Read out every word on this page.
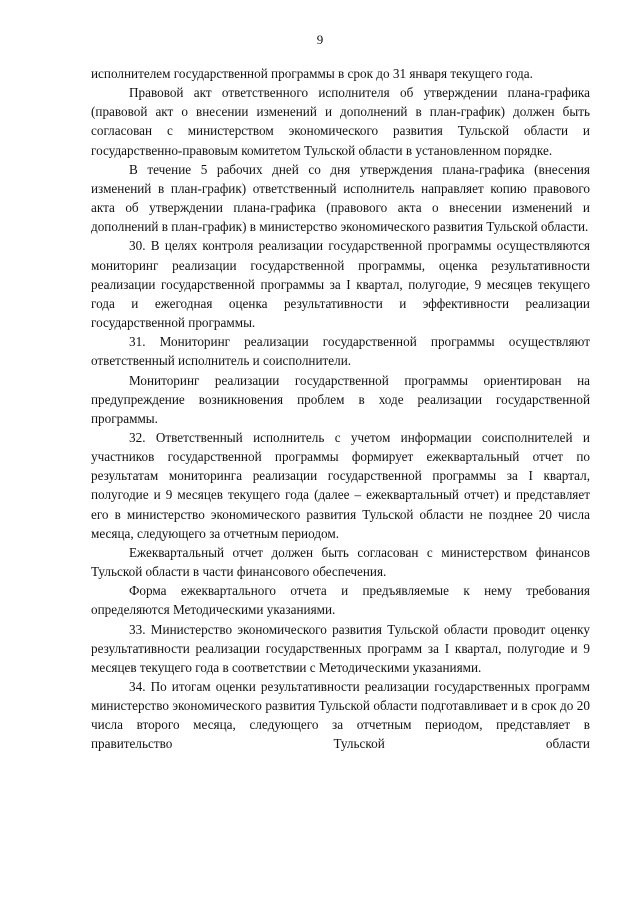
9

исполнителем государственной программы в срок до 31 января текущего года.

Правовой акт ответственного исполнителя об утверждении плана-графика (правовой акт о внесении изменений и дополнений в план-график) должен быть согласован с министерством экономического развития Тульской области и государственно-правовым комитетом Тульской области в установленном порядке.

В течение 5 рабочих дней со дня утверждения плана-графика (внесения изменений в план-график) ответственный исполнитель направляет копию правового акта об утверждении плана-графика (правового акта о внесении изменений и дополнений в план-график) в министерство экономического развития Тульской области.

30. В целях контроля реализации государственной программы осуществляются мониторинг реализации государственной программы, оценка результативности реализации государственной программы за I квартал, полугодие, 9 месяцев текущего года и ежегодная оценка результативности и эффективности реализации государственной программы.

31. Мониторинг реализации государственной программы осуществляют ответственный исполнитель и соисполнители.

Мониторинг реализации государственной программы ориентирован на предупреждение возникновения проблем в ходе реализации государственной программы.

32. Ответственный исполнитель с учетом информации соисполнителей и участников государственной программы формирует ежеквартальный отчет по результатам мониторинга реализации государственной программы за I квартал, полугодие и 9 месяцев текущего года (далее – ежеквартальный отчет) и представляет его в министерство экономического развития Тульской области не позднее 20 числа месяца, следующего за отчетным периодом.

Ежеквартальный отчет должен быть согласован с министерством финансов Тульской области в части финансового обеспечения.

Форма ежеквартального отчета и предъявляемые к нему требования определяются Методическими указаниями.

33. Министерство экономического развития Тульской области проводит оценку результативности реализации государственных программ за I квартал, полугодие и 9 месяцев текущего года в соответствии с Методическими указаниями.

34. По итогам оценки результативности реализации государственных программ министерство экономического развития Тульской области подготавливает и в срок до 20 числа второго месяца, следующего за отчетным периодом, представляет в правительство Тульской области
